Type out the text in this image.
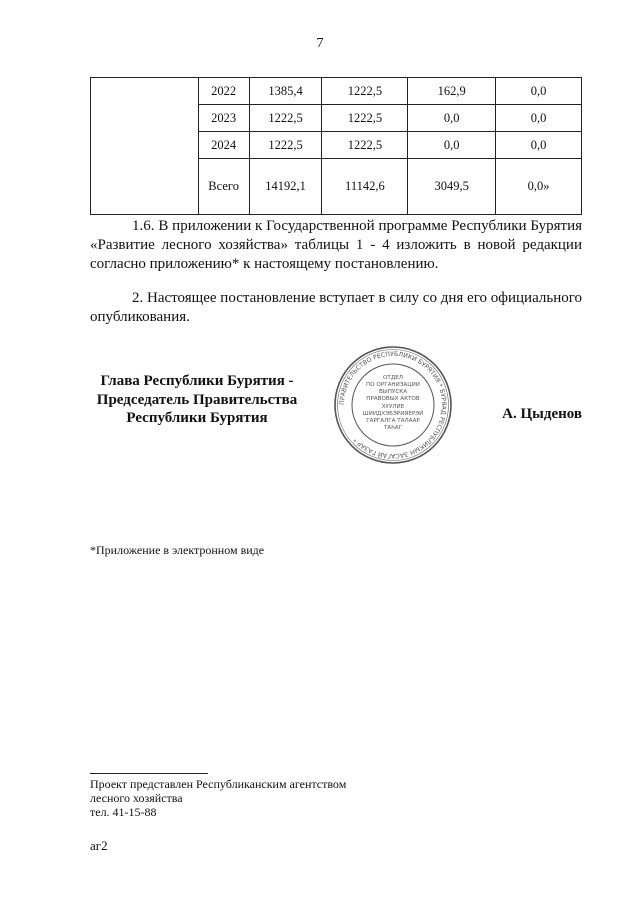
7
	2022	1385,4	1222,5	162,9	0,0
	2023	1222,5	1222,5	0,0	0,0
	2024	1222,5	1222,5	0,0	0,0
	Всего	14192,1	11142,6	3049,5	0,0»
1.6. В приложении к Государственной программе Республики Бурятия «Развитие лесного хозяйства» таблицы 1 - 4 изложить в новой редакции согласно приложению* к настоящему постановлению.
2. Настоящее постановление вступает в силу со дня его официального опубликования.
Глава Республики Бурятия -
Председатель Правительства
Республики Бурятия
ПРАВИТЕЛЬСТВО РЕСПУБЛИКИ БУРЯТИЯ * БУРЯАД РЕСПУБЛИКЫН ЗАСАГАЙ ГАЗАР *
ОТДЕЛ
ПО ОРГАНИЗАЦИИ
ВЫПУСКА
ПРАВОВЫХ АКТОВ
ХУУЛИЕ
ШИИДХЭБЭРИЯЕРЭЙ
ГАРГАЛГА ТАЛААР
ТАһАГ
А. Цыденов
*Приложение в электронном виде
Проект представлен Республиканским агентством
лесного хозяйства
тел. 41-15-88
аг2
